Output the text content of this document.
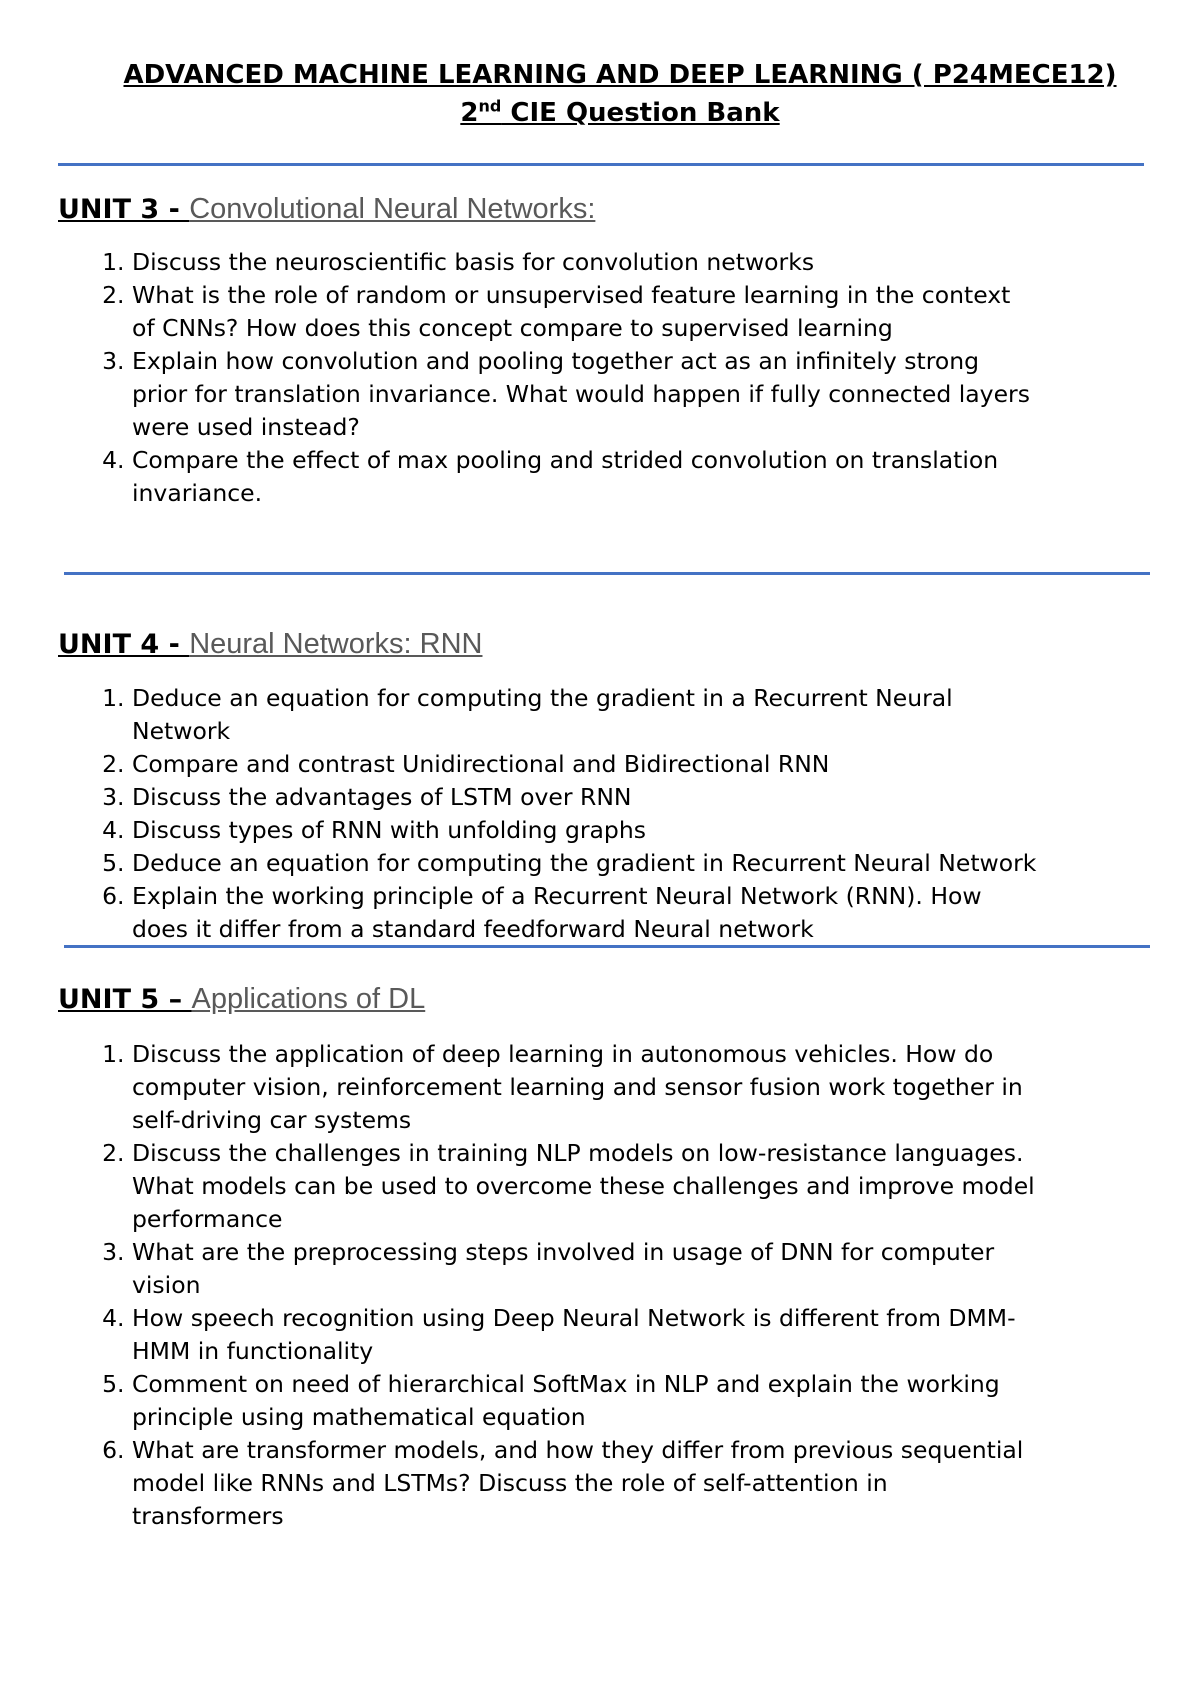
ADVANCED MACHINE LEARNING AND DEEP LEARNING ( P24MECE12)
2nd CIE Question Bank
UNIT 3 - Convolutional Neural Networks:
1. Discuss the neuroscientific basis for convolution networks
2. What is the role of random or unsupervised feature learning in the context of CNNs? How does this concept compare to supervised learning
3. Explain how convolution and pooling together act as an infinitely strong prior for translation invariance. What would happen if fully connected layers were used instead?
4. Compare the effect of max pooling and strided convolution on translation invariance.
UNIT 4 - Neural Networks: RNN
1. Deduce an equation for computing the gradient in a Recurrent Neural Network
2. Compare and contrast Unidirectional and Bidirectional RNN
3. Discuss the advantages of LSTM over RNN
4. Discuss types of RNN with unfolding graphs
5. Deduce an equation for computing the gradient in Recurrent Neural Network
6. Explain the working principle of a Recurrent Neural Network (RNN). How does it differ from a standard feedforward Neural network
UNIT 5 – Applications of DL
1. Discuss the application of deep learning in autonomous vehicles. How do computer vision, reinforcement learning and sensor fusion work together in self-driving car systems
2. Discuss the challenges in training NLP models on low-resistance languages. What models can be used to overcome these challenges and improve model performance
3. What are the preprocessing steps involved in usage of DNN for computer vision
4. How speech recognition using Deep Neural Network is different from DMM-HMM in functionality
5. Comment on need of hierarchical SoftMax in NLP and explain the working principle using mathematical equation
6. What are transformer models, and how they differ from previous sequential model like RNNs and LSTMs? Discuss the role of self-attention in transformers
